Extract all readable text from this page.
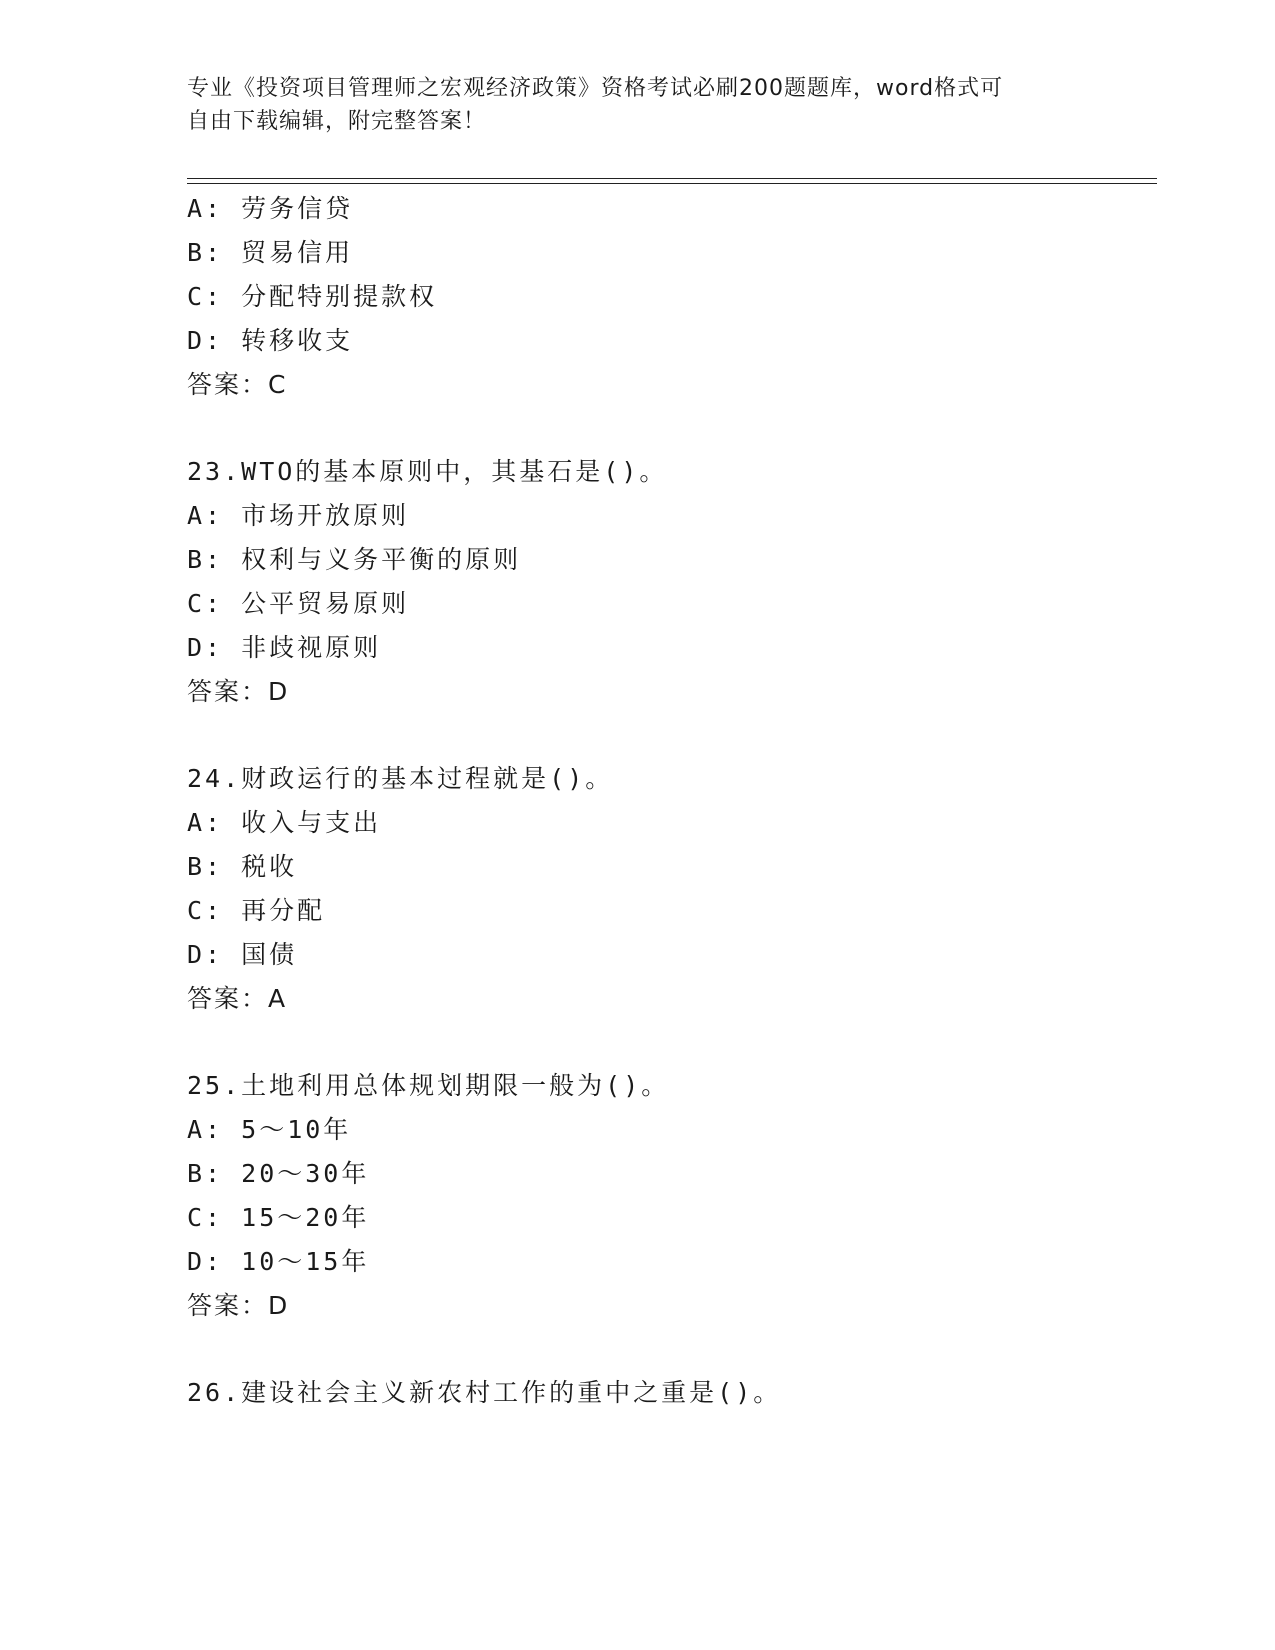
专业《投资项目管理师之宏观经济政策》资格考试必刷200题题库，word格式可
自由下载编辑，附完整答案！
A: 劳务信贷
B: 贸易信用
C: 分配特别提款权
D: 转移收支
答案：C
23.WTO的基本原则中，其基石是()。
A: 市场开放原则
B: 权利与义务平衡的原则
C: 公平贸易原则
D: 非歧视原则
答案：D
24.财政运行的基本过程就是()。
A: 收入与支出
B: 税收
C: 再分配
D: 国债
答案：A
25.土地利用总体规划期限一般为()。
A: 5～10年
B: 20～30年
C: 15～20年
D: 10～15年
答案：D
26.建设社会主义新农村工作的重中之重是()。
